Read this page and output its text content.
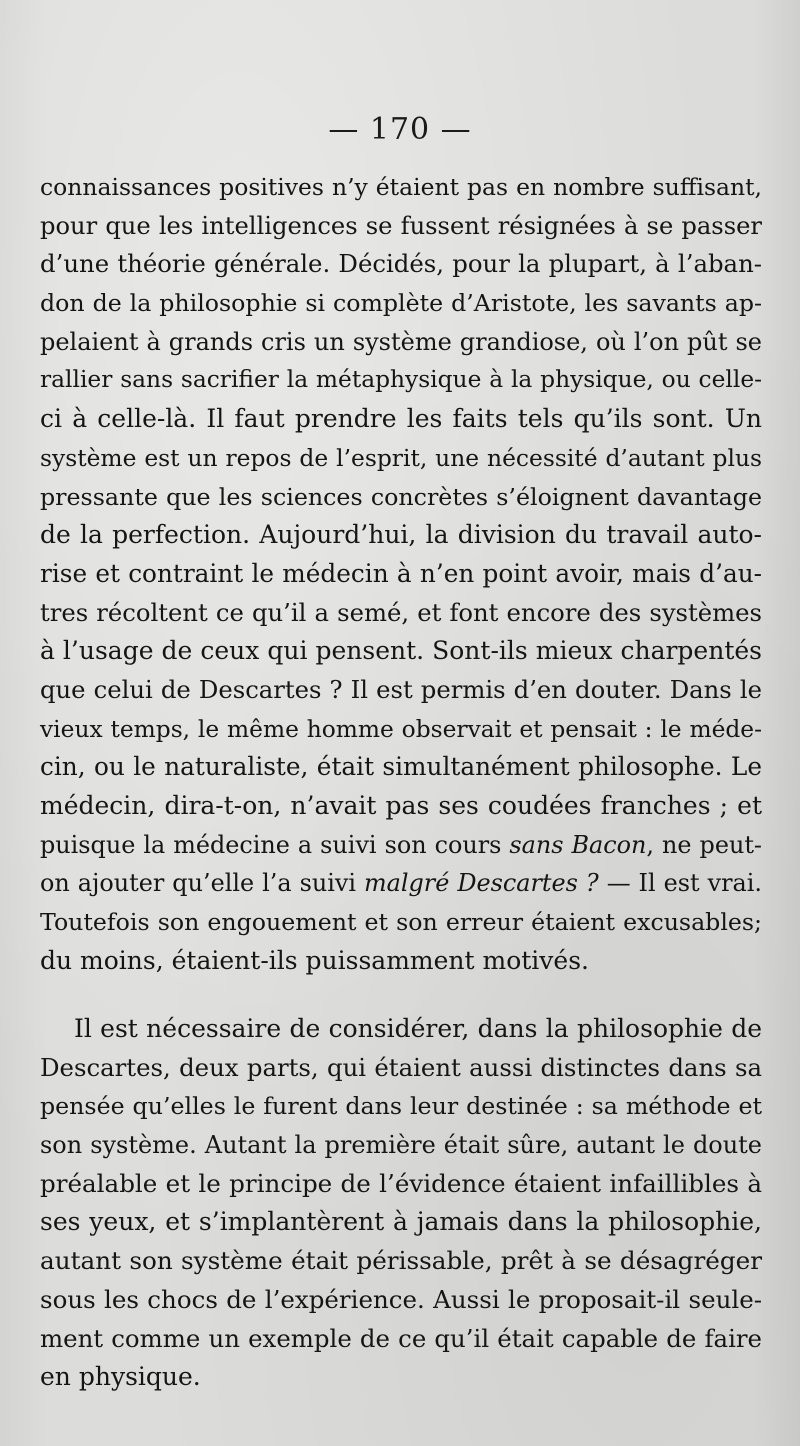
— 170 —
connaissances positives n’y étaient pas en nombre suffisant,
pour que les intelligences se fussent résignées à se passer
d’une théorie générale. Décidés, pour la plupart, à l’aban-
don de la philosophie si complète d’Aristote, les savants ap-
pelaient à grands cris un système grandiose, où l’on pût se
rallier sans sacrifier la métaphysique à la physique, ou celle-
ci à celle-là. Il faut prendre les faits tels qu’ils sont. Un
système est un repos de l’esprit, une nécessité d’autant plus
pressante que les sciences concrètes s’éloignent davantage
de la perfection. Aujourd’hui, la division du travail auto-
rise et contraint le médecin à n’en point avoir, mais d’au-
tres récoltent ce qu’il a semé, et font encore des systèmes
à l’usage de ceux qui pensent. Sont-ils mieux charpentés
que celui de Descartes ? Il est permis d’en douter. Dans le
vieux temps, le même homme observait et pensait : le méde-
cin, ou le naturaliste, était simultanément philosophe. Le
médecin, dira-t-on, n’avait pas ses coudées franches ; et
puisque la médecine a suivi son cours sans Bacon, ne peut-
on ajouter qu’elle l’a suivi malgré Descartes ? — Il est vrai.
Toutefois son engouement et son erreur étaient excusables;
du moins, étaient-ils puissamment motivés.
Il est nécessaire de considérer, dans la philosophie de
Descartes, deux parts, qui étaient aussi distinctes dans sa
pensée qu’elles le furent dans leur destinée : sa méthode et
son système. Autant la première était sûre, autant le doute
préalable et le principe de l’évidence étaient infaillibles à
ses yeux, et s’implantèrent à jamais dans la philosophie,
autant son système était périssable, prêt à se désagréger
sous les chocs de l’expérience. Aussi le proposait-il seule-
ment comme un exemple de ce qu’il était capable de faire
en physique.
